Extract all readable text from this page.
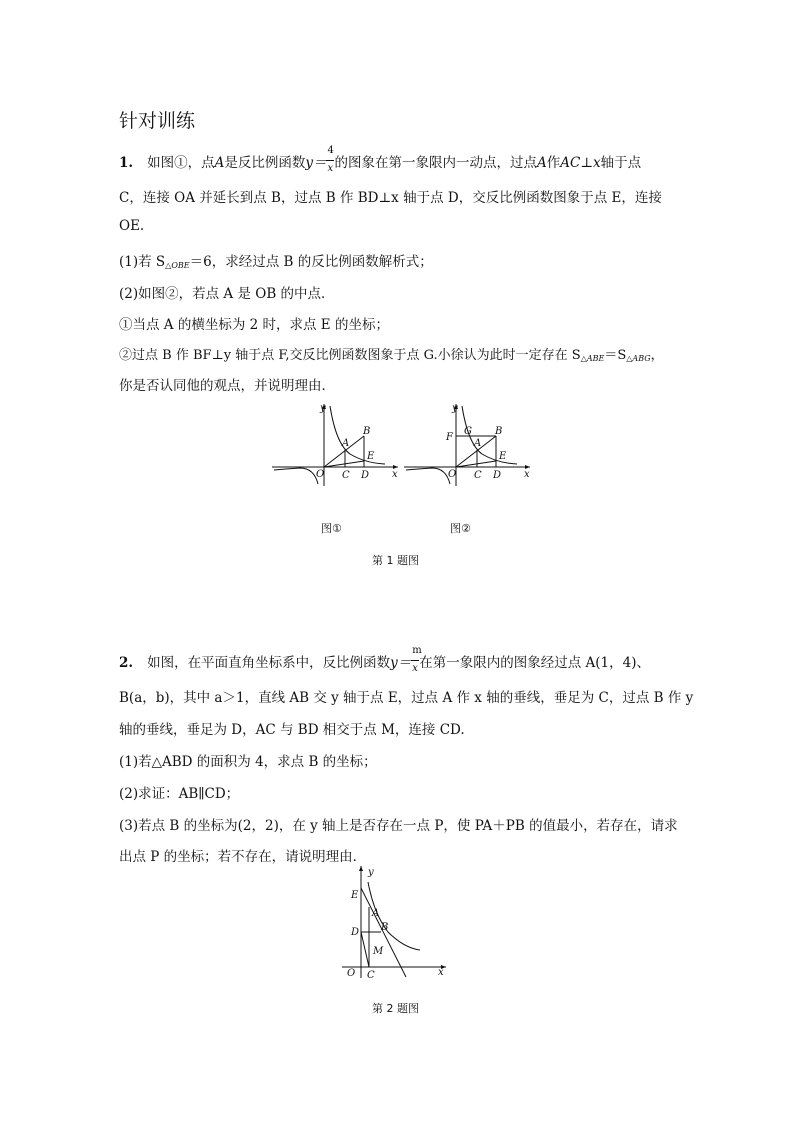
针对训练
1. 如图①，点A是反比例函数$y= \frac{4}{x}$ 的图象在第一象限内一动点，过点A作AC⊥x轴于点
C，连接 OA 并延长到点 B，过点 B 作 BD⊥x 轴于点 D，交反比例函数图象于点 E，连接
OE.
(1)若 $S_{\triangle OBE}=6$，求经过点 B 的反比例函数解析式；
(2)如图②，若点 A 是 OB 的中点．
①当点 A 的横坐标为 2 时，求点 E 的坐标；
②过点 B 作 BF⊥y 轴于点 F,交反比例函数图象于点 G.小徐认为此时一定存在 $S_{\triangle ABE}=S_{\triangle ABG}$，
你是否认同他的观点，并说明理由．
y
x
O
A
B
C D
E
图①
y
x
O
F
G
A
B
C D
E
图②
第 1 题图
2. 如图，在平面直角坐标系中，反比例函数$y= \frac{m}{x}$ 在第一象限内的图象经过点 A(1，4)、
B(a，b)，其中 a＞1，直线 AB 交 y 轴于点 E，过点 A 作 x 轴的垂线，垂足为 C，过点 B 作 y
轴的垂线，垂足为 D，AC 与 BD 相交于点 M，连接 CD.
(1)若△ABD 的面积为 4，求点 B 的坐标；
(2)求证：AB∥CD；
(3)若点 B 的坐标为(2，2)，在 y 轴上是否存在一点 P，使 PA＋PB 的值最小，若存在，请求
出点 P 的坐标；若不存在，请说明理由．
E
y
A
B
D
M
O C	x
第 2 题图
